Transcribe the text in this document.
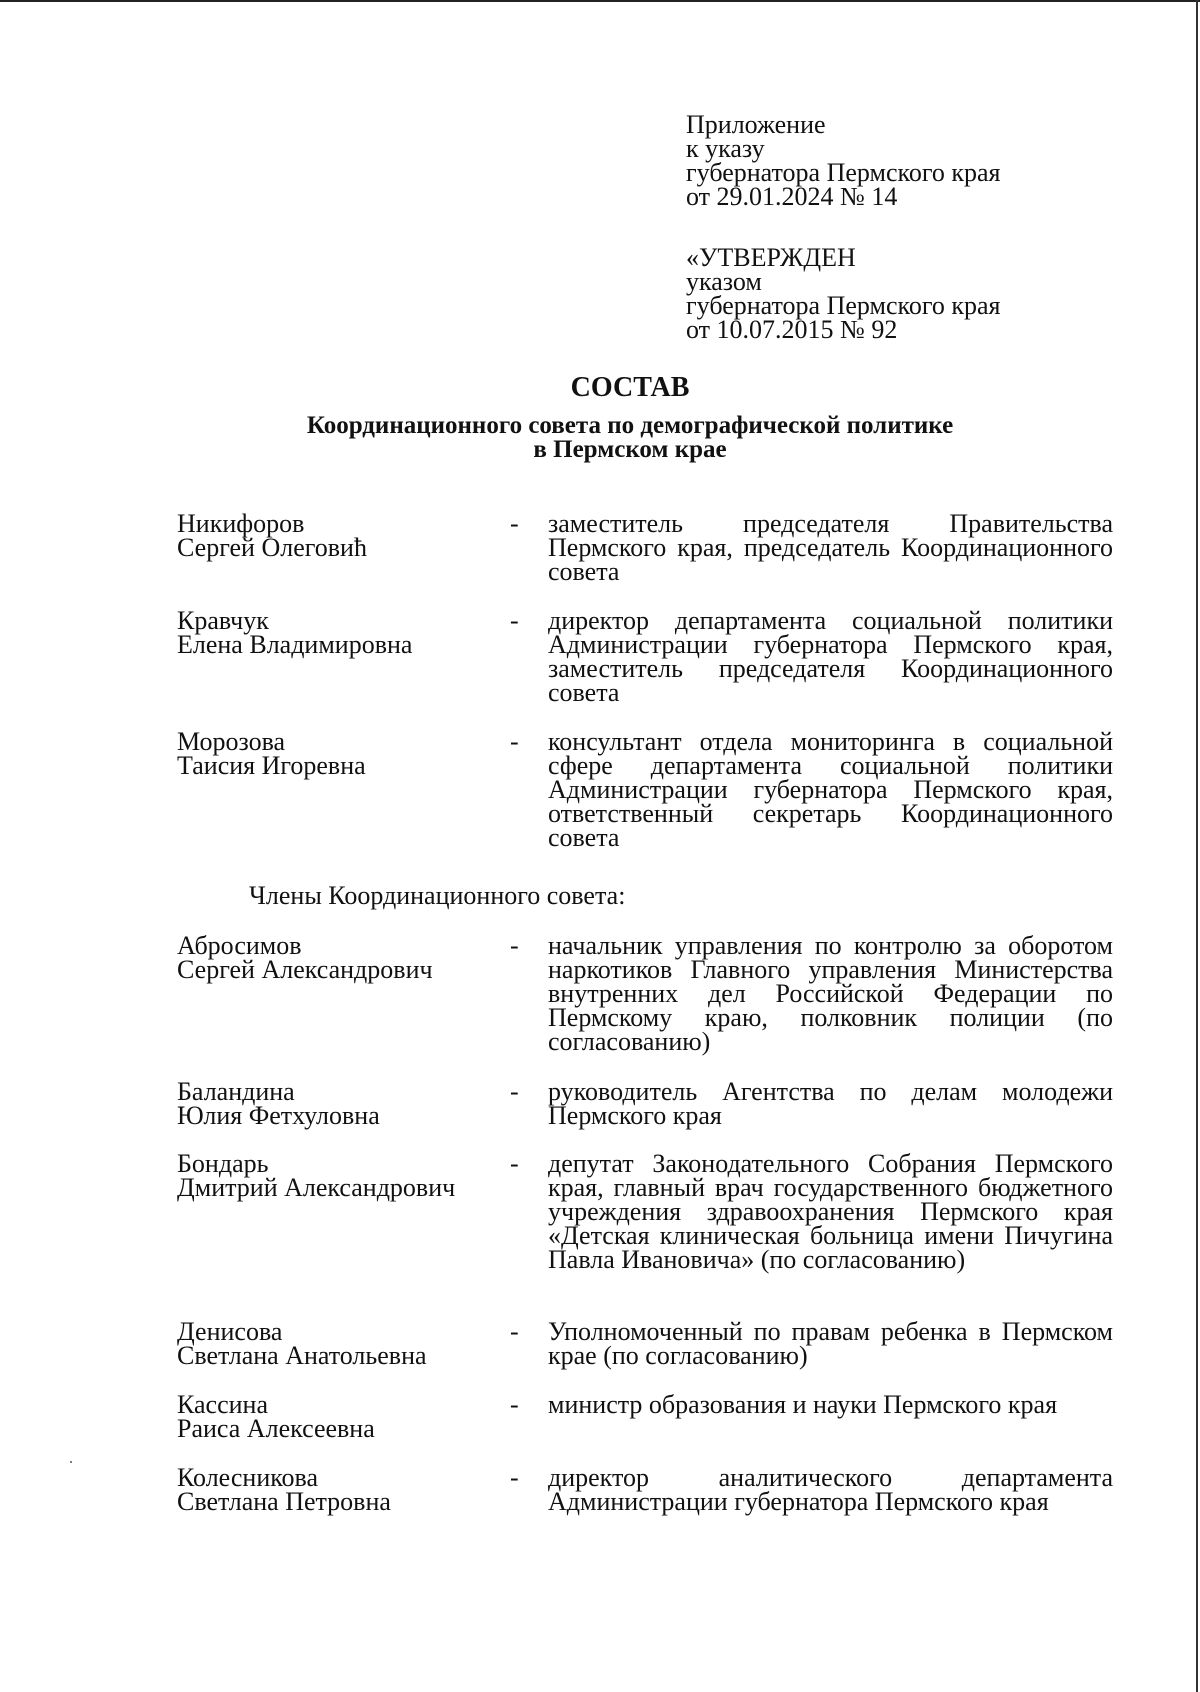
Приложение
к указу
губернатора Пермского края
от 29.01.2024 № 14
«УТВЕРЖДЕН
указом
губернатора Пермского края
от 10.07.2015 № 92
СОСТАВ
Координационного совета по демографической политике
в Пермском крае
Никифоров
Сергей Олеговић
-	заместитель председателя Правительства Пермского края, председатель Координационного совета
Кравчук
Елена Владимировна
-	директор департамента социальной политики Администрации губернатора Пермского края, заместитель председателя Координационного совета
Морозова
Таисия Игоревна
-	консультант отдела мониторинга в социальной сфере департамента социальной политики Администрации губернатора Пермского края, ответственный секретарь Координационного совета
Члены Координационного совета:
Абросимов
Сергей Александрович
-	начальник управления по контролю за оборотом наркотиков Главного управления Министерства внутренних дел Российской Федерации по Пермскому краю, полковник полиции (по согласованию)
Баландина
Юлия Фетхуловна
-	руководитель Агентства по делам молодежи Пермского края
Бондарь
Дмитрий Александрович
-	депутат Законодательного Собрания Пермского края, главный врач государственного бюджетного учреждения здравоохранения Пермского края «Детская клиническая больница имени Пичугина Павла Ивановича» (по согласованию)
Денисова
Светлана Анатольевна
-	Уполномоченный по правам ребенка в Пермском крае (по согласованию)
Кассина
Раиса Алексеевна
-	министр образования и науки Пермского края
Колесникова
Светлана Петровна
-	директор аналитического департамента Администрации губернатора Пермского края
